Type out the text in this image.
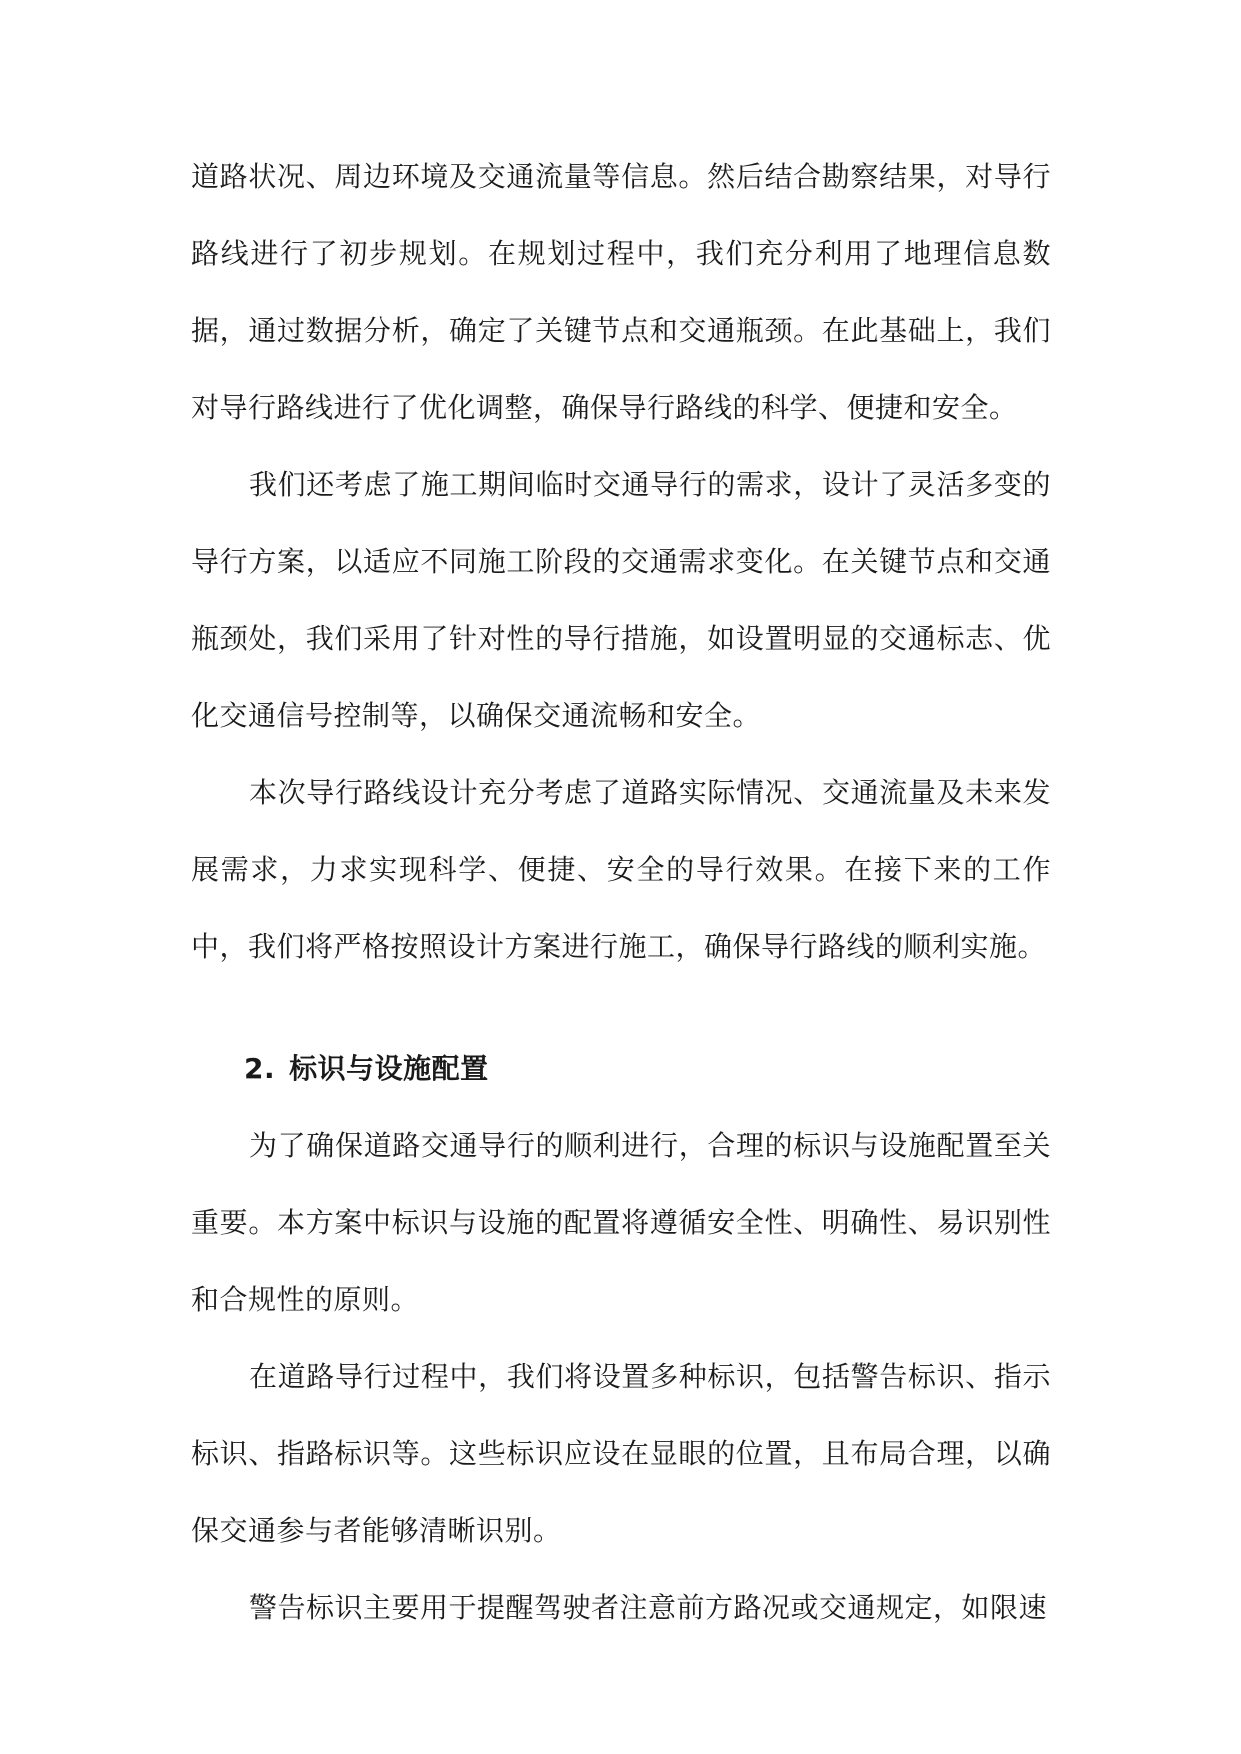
道路状况、周边环境及交通流量等信息。然后结合勘察结果，对导行路线进行了初步规划。在规划过程中，我们充分利用了地理信息数据，通过数据分析，确定了关键节点和交通瓶颈。在此基础上，我们对导行路线进行了优化调整，确保导行路线的科学、便捷和安全。

我们还考虑了施工期间临时交通导行的需求，设计了灵活多变的导行方案，以适应不同施工阶段的交通需求变化。在关键节点和交通瓶颈处，我们采用了针对性的导行措施，如设置明显的交通标志、优化交通信号控制等，以确保交通流畅和安全。

本次导行路线设计充分考虑了道路实际情况、交通流量及未来发展需求，力求实现科学、便捷、安全的导行效果。在接下来的工作中，我们将严格按照设计方案进行施工，确保导行路线的顺利实施。

2. 标识与设施配置

为了确保道路交通导行的顺利进行，合理的标识与设施配置至关重要。本方案中标识与设施的配置将遵循安全性、明确性、易识别性和合规性的原则。

在道路导行过程中，我们将设置多种标识，包括警告标识、指示标识、指路标识等。这些标识应设在显眼的位置，且布局合理，以确保交通参与者能够清晰识别。

警告标识主要用于提醒驾驶者注意前方路况或交通规定，如限速
